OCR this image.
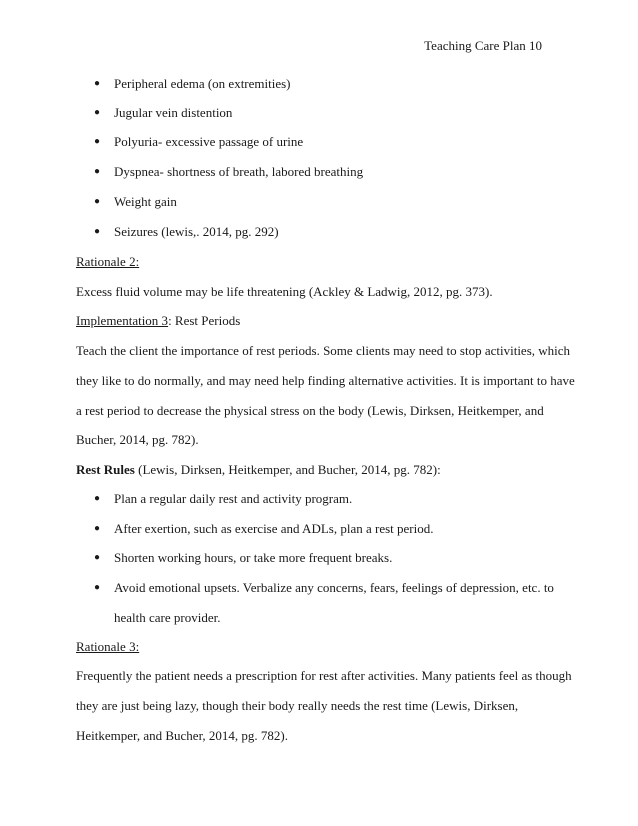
Teaching Care Plan 10
● Peripheral edema (on extremities)
● Jugular vein distention
● Polyuria- excessive passage of urine
● Dyspnea- shortness of breath, labored breathing
● Weight gain
● Seizures (lewis,. 2014, pg. 292)
Rationale 2:
Excess fluid volume may be life threatening (Ackley & Ladwig, 2012, pg. 373).
Implementation 3: Rest Periods
Teach the client the importance of rest periods. Some clients may need to stop activities, which
they like to do normally, and may need help finding alternative activities. It is important to have
a rest period to decrease the physical stress on the body (Lewis, Dirksen, Heitkemper, and
Bucher, 2014, pg. 782).
Rest Rules (Lewis, Dirksen, Heitkemper, and Bucher, 2014, pg. 782):
● Plan a regular daily rest and activity program.
● After exertion, such as exercise and ADLs, plan a rest period.
● Shorten working hours, or take more frequent breaks.
● Avoid emotional upsets. Verbalize any concerns, fears, feelings of depression, etc. to
health care provider.
Rationale 3:
Frequently the patient needs a prescription for rest after activities. Many patients feel as though
they are just being lazy, though their body really needs the rest time (Lewis, Dirksen,
Heitkemper, and Bucher, 2014, pg. 782).
